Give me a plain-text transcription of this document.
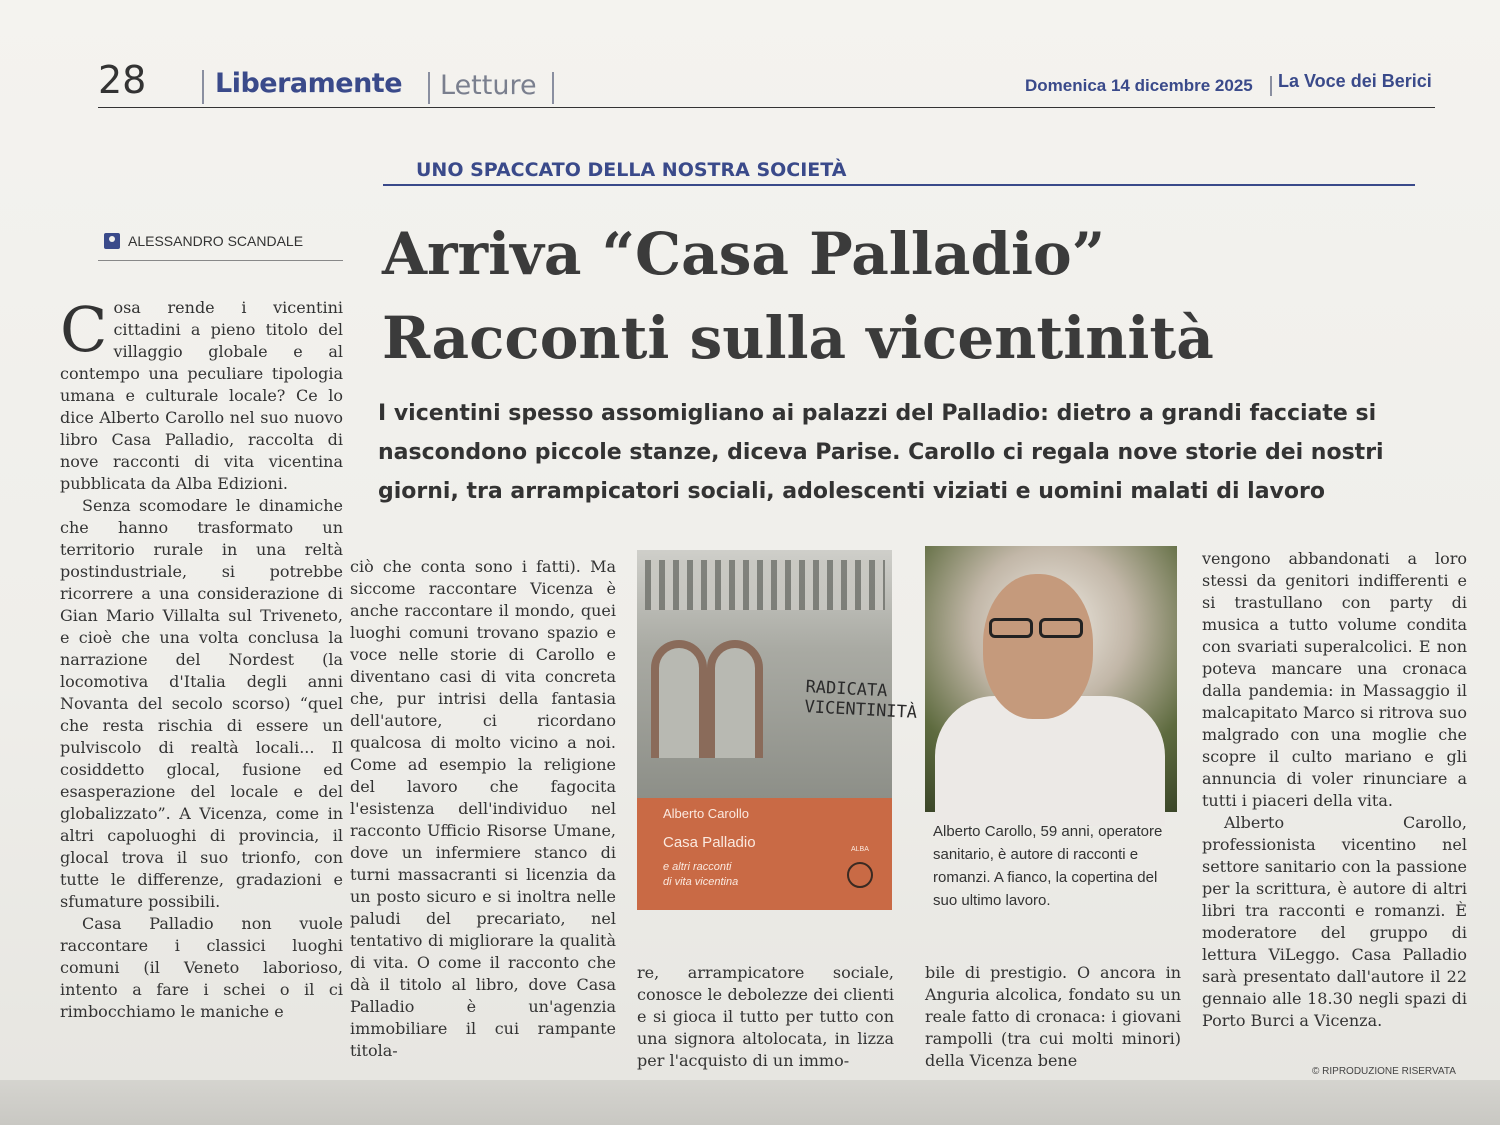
28	Liberamente Letture	Domenica 14 dicembre 2025 La Voce dei Berici
UNO SPACCATO DELLA NOSTRA SOCIETÀ
ALESSANDRO SCANDALE Arriva “Casa Palladio”
Racconti sulla vicentinità
I vicentini spesso assomigliano ai palazzi del Palladio: dietro a grandi facciate si
nascondono piccole stanze, diceva Parise. Carollo ci regala nove storie dei nostri
giorni, tra arrampicatori sociali, adolescenti viziati e uomini malati di lavoro

Cosa rende i vicentini cittadini a pieno titolo del villaggio globale e al contempo una peculiare tipologia umana e culturale locale? Ce lo dice Alberto Carollo nel suo nuovo libro Casa Palladio, raccolta di nove racconti di vita vicentina pubblicata da Alba Edizioni.

Senza scomodare le dinamiche che hanno trasformato un territorio rurale in una reltà postindustriale, si potrebbe ricorrere a una considerazione di Gian Mario Villalta sul Triveneto, e cioè che una volta conclusa la narrazione del Nordest (la locomotiva d'Italia degli anni Novanta del secolo scorso) “quel che resta rischia di essere un pulviscolo di realtà locali... Il cosiddetto glocal, fusione ed esasperazione del locale e del globalizzato”. A Vicenza, come in altri capoluoghi di provincia, il glocal trova il suo trionfo, con tutte le differenze, gradazioni e sfumature possibili.

Casa Palladio non vuole raccontare i classici luoghi comuni (il Veneto laborioso, intento a fare i schei o il ci rimbocchiamo le maniche e

ciò che conta sono i fatti). Ma siccome raccontare Vicenza è anche raccontare il mondo, quei luoghi comuni trovano spazio e voce nelle storie di Carollo e diventano casi di vita concreta che, pur intrisi della fantasia dell'autore, ci ricordano qualcosa di molto vicino a noi. Come ad esempio la religione del lavoro che fagocita l'esistenza dell'individuo nel racconto Ufficio Risorse Umane, dove un infermiere stanco di turni massacranti si licenzia da un posto sicuro e si inoltra nelle paludi del precariato, nel tentativo di migliorare la qualità di vita. O come il racconto che dà il titolo al libro, dove Casa Palladio è un'agenzia immobiliare il cui rampante titola-

RADICATA
VICENTINITÀ
Alberto Carollo
Casa Palladio
e altri racconti
di vita vicentina
ALBA

re, arrampicatore sociale, conosce le debolezze dei clienti e si gioca il tutto per tutto con una signora altolocata, in lizza per l'acquisto di un immo-

Alberto Carollo, 59 anni, operatore sanitario, è autore di racconti e romanzi. A fianco, la copertina del suo ultimo lavoro.

bile di prestigio. O ancora in Anguria alcolica, fondato su un reale fatto di cronaca: i giovani rampolli (tra cui molti minori) della Vicenza bene

vengono abbandonati a loro stessi da genitori indifferenti e si trastullano con party di musica a tutto volume condita con svariati superalcolici. E non poteva mancare una cronaca dalla pandemia: in Massaggio il malcapitato Marco si ritrova suo malgrado con una moglie che scopre il culto mariano e gli annuncia di voler rinunciare a tutti i piaceri della vita.

Alberto Carollo, professionista vicentino nel settore sanitario con la passione per la scrittura, è autore di altri libri tra racconti e romanzi. È moderatore del gruppo di lettura ViLeggo. Casa Palladio sarà presentato dall'autore il 22 gennaio alle 18.30 negli spazi di Porto Burci a Vicenza.

© RIPRODUZIONE RISERVATA
